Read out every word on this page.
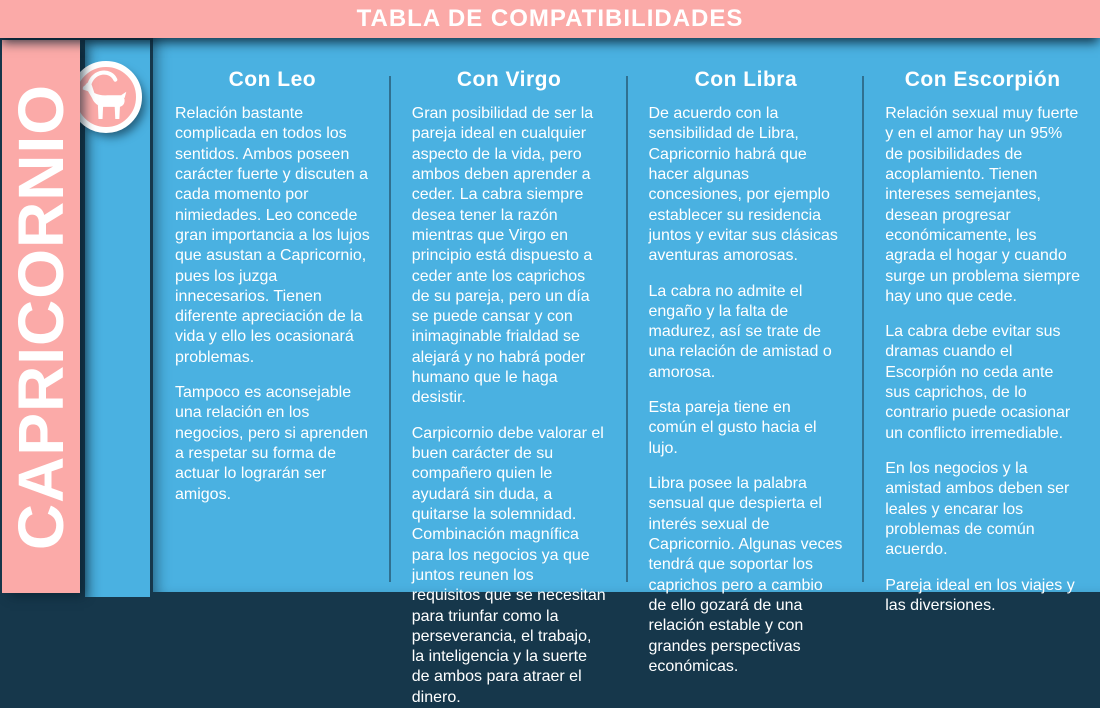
TABLA DE COMPATIBILIDADES
Con Leo

Relación bastante complicada en todos los sentidos. Ambos poseen carácter fuerte y discuten a cada momento por nimiedades. Leo concede gran importancia a los lujos que asustan a Capricornio, pues los juzga innecesarios. Tienen diferente apreciación de la vida y ello les ocasionará problemas.

Tampoco es aconsejable una relación en los negocios, pero si aprenden a respetar su forma de actuar lo lograrán ser amigos.

Con Virgo

Gran posibilidad de ser la pareja ideal en cualquier aspecto de la vida, pero ambos deben aprender a ceder. La cabra siempre desea tener la razón mientras que Virgo en principio está dispuesto a ceder ante los caprichos de su pareja, pero un día se puede cansar y con inimaginable frialdad se alejará y no habrá poder humano que le haga desistir.

Carpicornio debe valorar el buen carácter de su compañero quien le ayudará sin duda, a quitarse la solemnidad. Combinación magnífica para los negocios ya que juntos reunen los requisitos que se necesitan para triunfar como la perseverancia, el trabajo, la inteligencia y la suerte de ambos para atraer el dinero.

Con Libra

De acuerdo con la sensibilidad de Libra, Capricornio habrá que hacer algunas concesiones, por ejemplo establecer su residencia juntos y evitar sus clásicas aventuras amorosas.

La cabra no admite el engaño y la falta de madurez, así se trate de una relación de amistad o amorosa.

Esta pareja tiene en común el gusto hacia el lujo.

Libra posee la palabra sensual que despierta el interés sexual de Capricornio. Algunas veces tendrá que soportar los caprichos pero a cambio de ello gozará de una relación estable y con grandes perspectivas económicas.

Con Escorpión

Relación sexual muy fuerte y en el amor hay un 95% de posibilidades de acoplamiento. Tienen intereses semejantes, desean progresar económicamente, les agrada el hogar y cuando surge un problema siempre hay uno que cede.

La cabra debe evitar sus dramas cuando el Escorpión no ceda ante sus caprichos, de lo contrario puede ocasionar un conflicto irremediable.

En los negocios y la amistad ambos deben ser leales y encarar los problemas de común acuerdo.

Pareja ideal en los viajes y las diversiones.

CAPRICORNIO
